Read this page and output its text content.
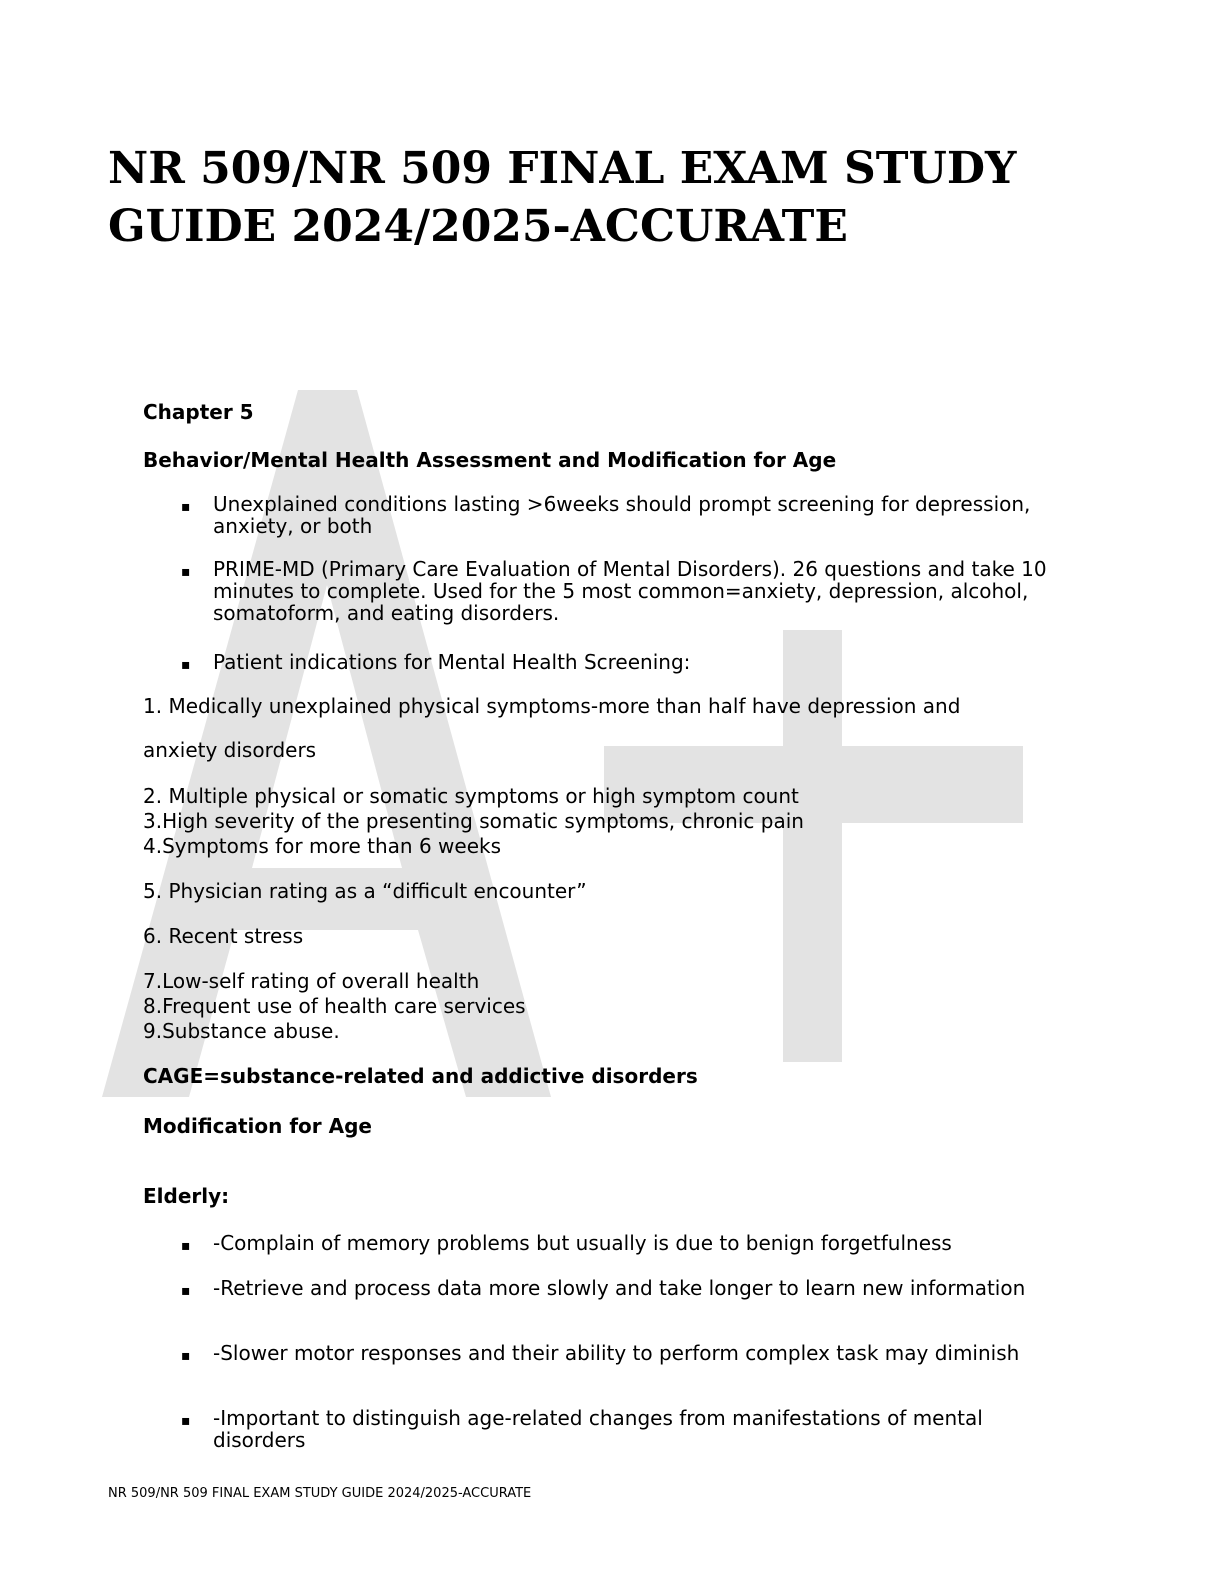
NR 509/NR 509 FINAL EXAM STUDY GUIDE 2024/2025-ACCURATE

Chapter 5

Behavior/Mental Health Assessment and Modification for Age

▪ Unexplained conditions lasting >6weeks should prompt screening for depression, anxiety, or both

▪ PRIME-MD (Primary Care Evaluation of Mental Disorders). 26 questions and take 10 minutes to complete. Used for the 5 most common=anxiety, depression, alcohol, somatoform, and eating disorders.

▪ Patient indications for Mental Health Screening:

1. Medically unexplained physical symptoms-more than half have depression and

anxiety disorders

2. Multiple physical or somatic symptoms or high symptom count

3.High severity of the presenting somatic symptoms, chronic pain

4.Symptoms for more than 6 weeks

5. Physician rating as a “difficult encounter”

6. Recent stress

7.Low-self rating of overall health

8.Frequent use of health care services

9.Substance abuse.

CAGE=substance-related and addictive disorders

Modification for Age

Elderly:

▪ -Complain of memory problems but usually is due to benign forgetfulness

▪ -Retrieve and process data more slowly and take longer to learn new information

▪ -Slower motor responses and their ability to perform complex task may diminish

▪ -Important to distinguish age-related changes from manifestations of mental disorders

NR 509/NR 509 FINAL EXAM STUDY GUIDE 2024/2025-ACCURATE
